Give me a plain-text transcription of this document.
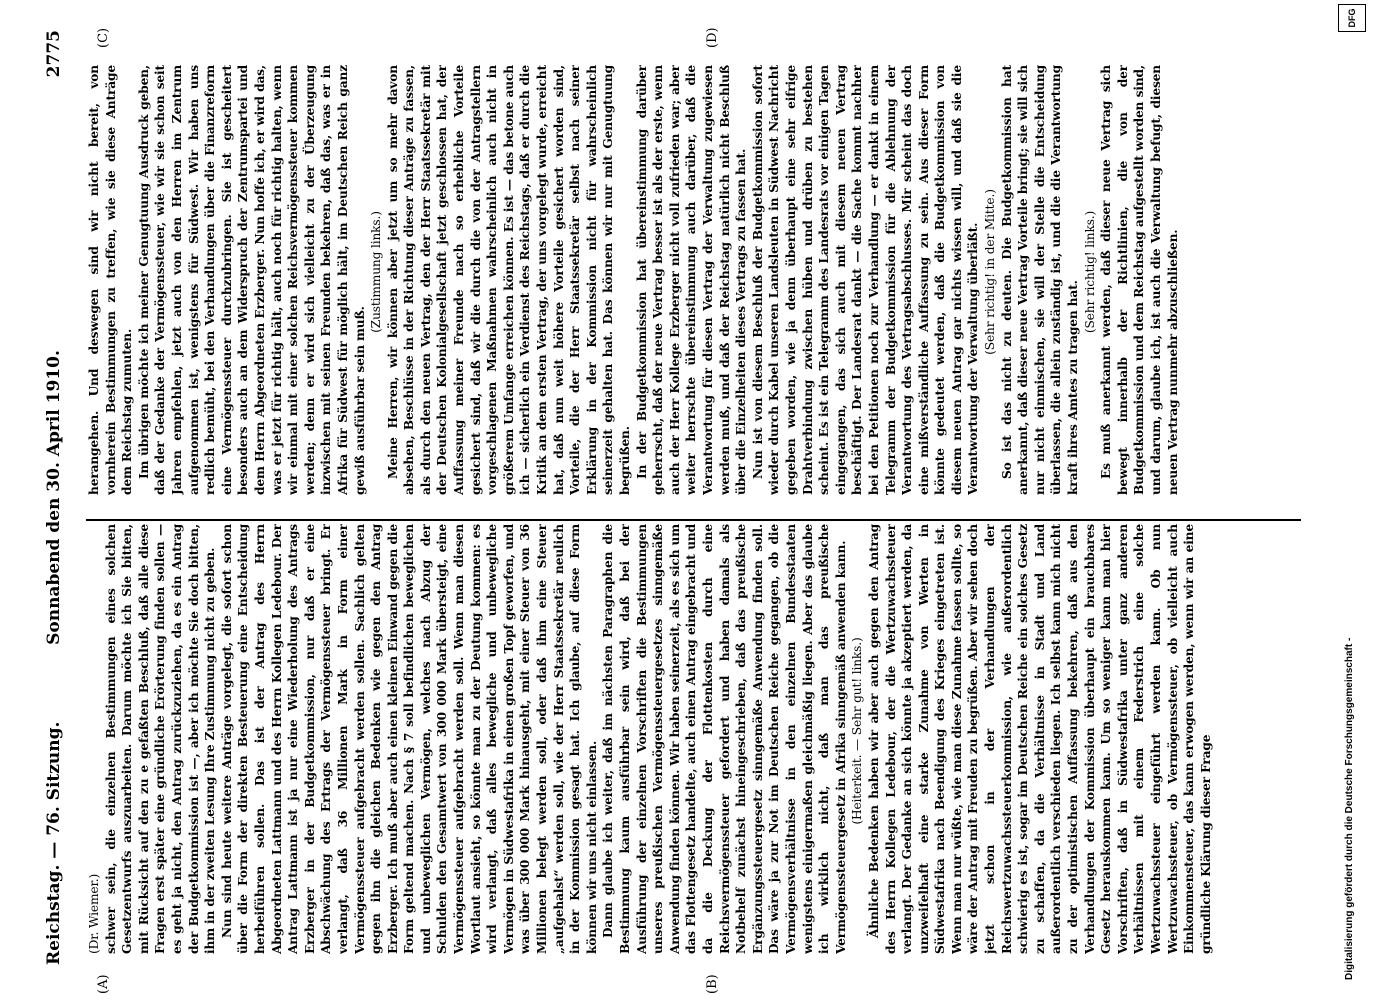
Reichstag. — 76. Sitzung.
Sonnabend den 30. April 1910.
2775
(A)	(B)
(C)	(D)

(Dr. Wiemer.) schwer sein, die einzelnen Bestimmungen eines solchen Gesetzentwurfs auszuarbeiten. Darum möchte ich Sie bitten, mit Rücksicht auf den zu e gefaßten Beschluß, daß alle diese Fragen erst später eine gründliche Erörterung finden sollen — es geht ja nicht, den Antrag zurückzuziehen, da es ein Antrag der Budgetkommission ist —, aber ich möchte Sie doch bitten, ihm in der zweiten Lesung Ihre Zustimmung nicht zu geben. Nun sind heute weitere Anträge vorgelegt, die sofort schon über die Form der direkten Besteuerung eine Entscheidung herbeiführen sollen. Das ist der Antrag des Herrn Abgeordneten Lattmann und des Herrn Kollegen Ledebour. Der Antrag Lattmann ist ja nur eine Wiederholung des Antrags Erzberger in der Budgetkommission, nur daß er eine Abschwächung des Ertrags der Vermögenssteuer bringt. Er verlangt, daß 36 Millionen Mark in Form einer Vermögenssteuer aufgebracht werden sollen. Sachlich gelten gegen ihn die gleichen Bedenken wie gegen den Antrag Erzberger. Ich muß aber auch einen kleinen Einwand gegen die Form geltend machen. Nach § 7 soll befindlichen beweglichen und unbeweglichen Vermögen, welches nach Abzug der Schulden den Gesamtwert von 300 000 Mark übersteigt, eine Vermögenssteuer aufgebracht werden soll. Wenn man diesen Wortlaut ansieht, so könnte man zu der Deutung kommen: es wird verlangt, daß alles bewegliche und unbewegliche Vermögen in Südwestafrika in einen großen Topf geworfen, und was über 300 000 Mark hinausgeht, mit einer Steuer von 36 Millionen belegt werden soll, oder daß ihm eine Steuer „aufgehalst“ werden soll, wie der Herr Staatssekretär neulich in der Kommission gesagt hat. Ich glaube, auf diese Form können wir uns nicht einlassen. Dann glaube ich weiter, daß im nächsten Paragraphen die Bestimmung kaum ausführbar sein wird, daß bei der Ausführung der einzelnen Vorschriften die Bestimmungen unseres preußischen Vermögenssteuergesetzes sinngemäße Anwendung finden können. Wir haben seinerzeit, als es sich um das Flottengesetz handelte, auch einen Antrag eingebracht und da die Deckung der Flottenkosten durch eine Reichsvermögenssteuer gefordert und haben damals als Notbehelf zunächst hineingeschrieben, daß das preußische Ergänzungssteuergesetz sinngemäße Anwendung finden soll. Das wäre ja zur Not im Deutschen Reiche gegangen, ob die Vermögensverhältnisse in den einzelnen Bundesstaaten wenigstens einigermaßen gleichmäßig liegen. Aber das glaube ich wirklich nicht, daß man das preußische Vermögenssteuergesetz in Afrika sinngemäß anwenden kann. (Heiterkeit. — Sehr gut! links.) Ähnliche Bedenken haben wir aber auch gegen den Antrag des Herrn Kollegen Ledebour, der die Wertzuwachssteuer verlangt. Der Gedanke an sich könnte ja akzeptiert werden, da unzweifelhaft eine starke Zunahme von Werten in Südwestafrika nach Beendigung des Krieges eingetreten ist. Wenn man nur wüßte, wie man diese Zunahme fassen sollte, so wäre der Antrag mit Freuden zu begrüßen. Aber wir sehen doch jetzt schon in der Verhandlungen der Reichswertzuwachssteuerkommission, wie außerordentlich schwierig es ist, sogar im Deutschen Reiche ein solches Gesetz zu schaffen, da die Verhältnisse in Stadt und Land außerordentlich verschieden liegen. Ich selbst kann mich nicht zu der optimistischen Auffassung bekehren, daß aus den Verhandlungen der Kommission überhaupt ein brauchbares Gesetz herauskommen kann. Um so weniger kann man hier Vorschriften, daß in Südwestafrika unter ganz anderen Verhältnissen mit einem Federstrich eine solche Wertzuwachssteuer eingeführt werden kann. Ob nun Wertzuwachssteuer, ob Vermögenssteuer, ob vielleicht auch Einkommensteuer, das kann erwogen werden, wenn wir an eine gründliche Klärung dieser Frage

herangehen. Und deswegen sind wir nicht bereit, von vornherein Bestimmungen zu treffen, wie sie diese Anträge dem Reichstag zumuten. Im übrigen möchte ich meiner Genugtuung Ausdruck geben, daß der Gedanke der Vermögenssteuer, wie wir sie schon seit Jahren empfehlen, jetzt auch von den Herren im Zentrum aufgenommen ist, wenigstens für Südwest. Wir haben uns redlich bemüht, bei den Verhandlungen über die Finanzreform eine Vermögenssteuer durchzubringen. Sie ist gescheitert besonders auch an dem Widerspruch der Zentrumspartei und dem Herrn Abgeordneten Erzberger. Nun hoffe ich, er wird das, was er jetzt für richtig hält, auch noch für richtig halten, wenn wir einmal mit einer solchen Reichsvermögenssteuer kommen werden; denn er wird sich vielleicht zu der Überzeugung inzwischen mit seinen Freunden bekehren, daß das, was er in Afrika für Südwest für möglich hält, im Deutschen Reich ganz gewiß ausführbar sein muß.

(Zustimmung links.) Meine Herren, wir können aber jetzt um so mehr davon absehen, Beschlüsse in der Richtung dieser Anträge zu fassen, als durch den neuen Vertrag, den der Herr Staatssekretär mit der Deutschen Kolonialgesellschaft jetzt geschlossen hat, der Auffassung meiner Freunde nach so erhebliche Vorteile gesichert sind, daß wir die durch die von der Antragstellern vorgeschlagenen Maßnahmen wahrscheinlich auch nicht in größerem Umfange erreichen können. Es ist — das betone auch ich — sicherlich ein Verdienst des Reichstags, daß er durch die Kritik an dem ersten Vertrag, der uns vorgelegt wurde, erreicht hat, daß nun weit höhere Vorteile gesichert worden sind, Vorteile, die der Herr Staatssekretär selbst nach seiner Erklärung in der Kommission nicht für wahrscheinlich seinerzeit gehalten hat. Das können wir nur mit Genugtuung begrüßen. In der Budgetkommission hat übereinstimmung darüber geherrscht, daß der neue Vertrag besser ist als der erste, wenn auch der Herr Kollege Erzberger nicht voll zufrieden war; aber weiter herrschte übereinstimmung auch darüber, daß die Verantwortung für diesen Vertrag der Verwaltung zugewiesen werden muß, und daß der Reichstag natürlich nicht Beschluß über die Einzelheiten dieses Vertrags zu fassen hat. Nun ist von diesem Beschluß der Budgetkommission sofort wieder durch Kabel unseren Landsleuten in Südwest Nachricht gegeben worden, wie ja denn überhaupt eine sehr eifrige Drahtverbindung zwischen hüben und drüben zu bestehen scheint. Es ist ein Telegramm des Landesrats vor einigen Tagen eingegangen, das sich auch mit diesem neuen Vertrag beschäftigt. Der Landesrat dankt — die Sache kommt nachher bei den Petitionen noch zur Verhandlung — er dankt in einem Telegramm der Budgetkommission für die Ablehnung der Verantwortung des Vertragsabschlusses. Mir scheint das doch eine mißverständliche Auffassung zu sein. Aus dieser Form könnte gedeutet werden, daß die Budgetkommission von diesem neuen Antrag gar nichts wissen will, und daß sie die Verantwortung der Verwaltung überläßt. (Sehr richtig! in der Mitte.) So ist das nicht zu deuten. Die Budgetkommission hat anerkannt, daß dieser neue Vertrag Vorteile bringt; sie will sich nur nicht einmischen, sie will der Stelle die Entscheidung überlassen, die allein zuständig ist, und die die Verantwortung kraft ihres Amtes zu tragen hat.

(Sehr richtig! links.) Es muß anerkannt werden, daß dieser neue Vertrag sich bewegt innerhalb der Richtlinien, die von der Budgetkommission und dem Reichstag aufgestellt worden sind, und darum, glaube ich, ist auch die Verwaltung befugt, diesen neuen Vertrag nunmehr abzuschließen.

Digitalisierung gefördert durch die Deutsche Forschungsgemeinschaft -
DFG
